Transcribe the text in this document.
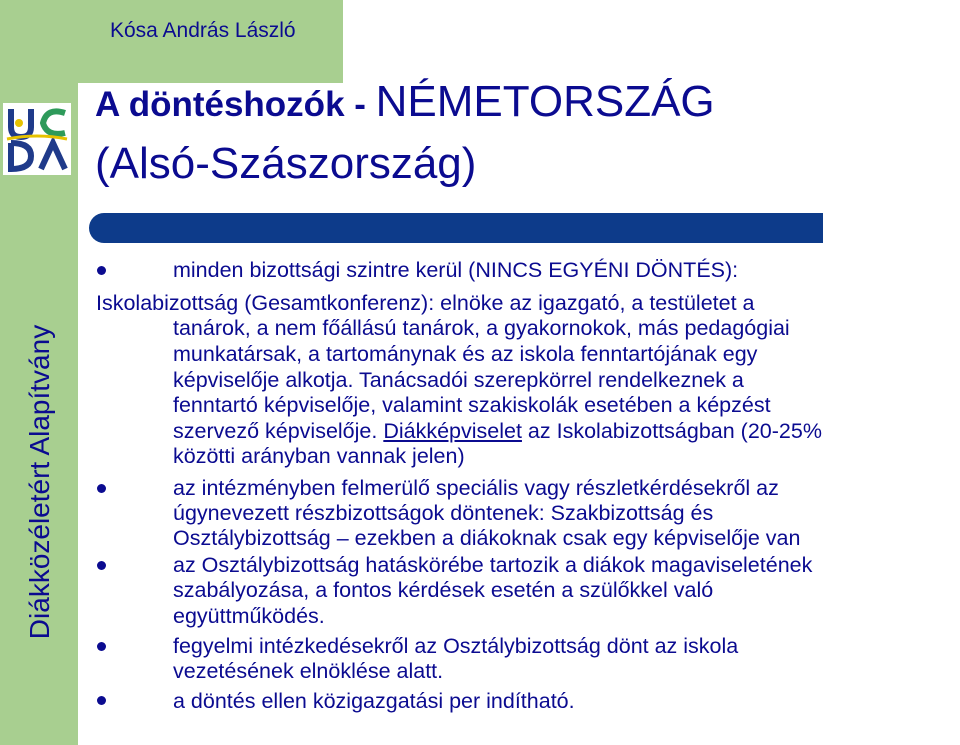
Kósa András László
Diákközéletért Alapítvány
A döntéshozók - NÉMETORSZÁG
(Alsó-Szászország)
minden bizottsági szintre kerül (NINCS EGYÉNI DÖNTÉS):
Iskolabizottság (Gesamtkonferenz): elnöke az igazgató, a testületet a
tanárok, a nem főállású tanárok, a gyakornokok, más pedagógiai
munkatársak, a tartománynak és az iskola fenntartójának egy
képviselője alkotja. Tanácsadói szerepkörrel rendelkeznek a
fenntartó képviselője, valamint szakiskolák esetében a képzést
szervező képviselője. Diákképviselet az Iskolabizottságban (20-25%
közötti arányban vannak jelen)
az intézményben felmerülő speciális vagy részletkérdésekről az
úgynevezett részbizottságok döntenek: Szakbizottság és
Osztálybizottság – ezekben a diákoknak csak egy képviselője van
az Osztálybizottság hatáskörébe tartozik a diákok magaviseletének
szabályozása, a fontos kérdések esetén a szülőkkel való
együttműködés.
fegyelmi intézkedésekről az Osztálybizottság dönt az iskola
vezetésének elnöklése alatt.
a döntés ellen közigazgatási per indítható.
